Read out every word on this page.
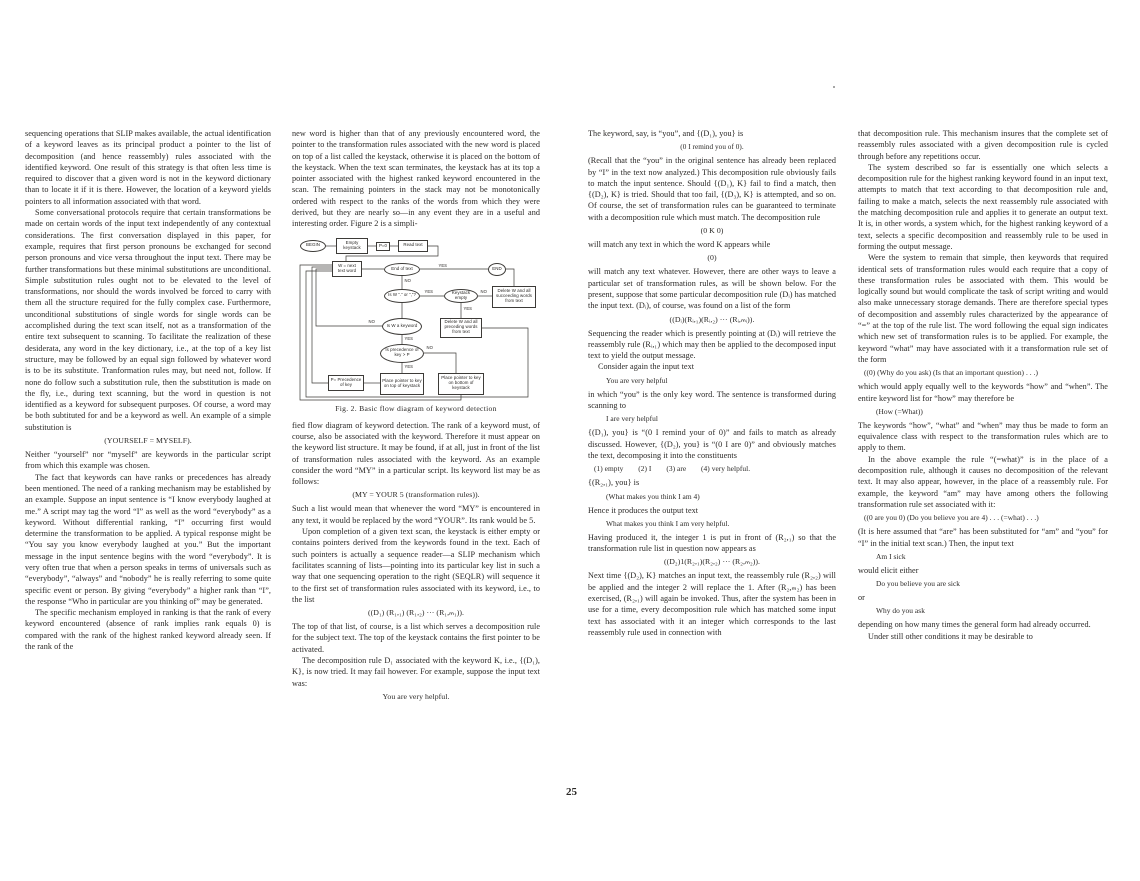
sequencing operations that SLIP makes available, the actual identification of a keyword leaves as its principal product a pointer to the list of decomposition (and hence reassembly) rules associated with the identified keyword. One result of this strategy is that often less time is required to discover that a given word is not in the keyword dictionary than to locate it if it is there. However, the location of a keyword yields pointers to all information associated with that word.

Some conversational protocols require that certain transformations be made on certain words of the input text independently of any contextual considerations. The first conversation displayed in this paper, for example, requires that first person pronouns be exchanged for second person pronouns and vice versa throughout the input text. There may be further transformations but these minimal substitutions are unconditional. Simple substitution rules ought not to be elevated to the level of transformations, nor should the words involved be forced to carry with them all the structure required for the fully complex case. Furthermore, unconditional substitutions of single words for single words can be accomplished during the text scan itself, not as a transformation of the entire text subsequent to scanning. To facilitate the realization of these desiderata, any word in the key dictionary, i.e., at the top of a key list structure, may be followed by an equal sign followed by whatever word is to be its substitute. Tranformation rules may, but need not, follow. If none do follow such a substitution rule, then the substitution is made on the fly, i.e., during text scanning, but the word in question is not identified as a keyword for subsequent purposes. Of course, a word may be both subtituted for and be a keyword as well. An example of a simple substitution is

(YOURSELF = MYSELF).

Neither “yourself” nor “myself” are keywords in the particular script from which this example was chosen.

The fact that keywords can have ranks or precedences has already been mentioned. The need of a ranking mechanism may be established by an example. Suppose an input sentence is “I know everybody laughed at me.” A script may tag the word “I” as well as the word “everybody” as a keyword. Without differential ranking, “I” occurring first would determine the transformation to be applied. A typical response might be “You say you know everybody laughed at you.” But the important message in the input sentence begins with the word “everybody”. It is very often true that when a person speaks in terms of universals such as “everybody”, “always” and “nobody” he is really referring to some quite specific event or person. By giving “everybody” a higher rank than “I”, the response “Who in particular are you thinking of” may be generated.

The specific mechanism employed in ranking is that the rank of every keyword encountered (absence of rank implies rank equals 0) is compared with the rank of the highest ranked keyword already seen. If the rank of the

new word is higher than that of any previously encountered word, the pointer to the transformation rules associated with the new word is placed on top of a list called the keystack, otherwise it is placed on the bottom of the keystack. When the text scan terminates, the keystack has at its top a pointer associated with the highest ranked keyword encountered in the scan. The remaining pointers in the stack may not be monotonically ordered with respect to the ranks of the words from which they were derived, but they are nearly so—in any event they are in a useful and interesting order. Figure 2 is a simpli-

BEGIN	Empty keystack	P=0	Read text
W = next text word	End of text	END
Is W “.” or “,”?	Keystack empty
Delete W and all succeeding words from text
Delete W and all preceding words from text
Is W a keyword
Is precedence of key > P
Place pointer to key on top of keystack
Place pointer to key on bottom of keystack
P= Precedence of key
YES
NO
YES	NO
YES
NO
YES
NO
YES

Fig. 2. Basic flow diagram of keyword detection

fied flow diagram of keyword detection. The rank of a keyword must, of course, also be associated with the keyword. Therefore it must appear on the keyword list structure. It may be found, if at all, just in front of the list of transformation rules associated with the keyword. As an example consider the word “MY” in a particular script. Its keyword list may be as follows:

(MY = YOUR 5 (transformation rules)).

Such a list would mean that whenever the word “MY” is encountered in any text, it would be replaced by the word “YOUR”. Its rank would be 5.

Upon completion of a given text scan, the keystack is either empty or contains pointers derived from the keywords found in the text. Each of such pointers is actually a sequence reader—a SLIP mechanism which facilitates scanning of lists—pointing into its particular key list in such a way that one sequencing operation to the right (SEQLR) will sequence it to the first set of transformation rules associated with its keyword, i.e., to the list

((D₁) (R₁,₁) (R₁,₂) ··· (R₁,ₘ₁)).

The top of that list, of course, is a list which serves a decomposition rule for the subject text. The top of the keystack contains the first pointer to be activated.

The decomposition rule D₁ associated with the keyword K, i.e., {(D₁), K}, is now tried. It may fail however. For example, suppose the input text was:

You are very helpful.

The keyword, say, is “you”, and {(D₁), you} is

(0 I remind you of 0).

(Recall that the “you” in the original sentence has already been replaced by “I” in the text now analyzed.) This decomposition rule obviously fails to match the input sentence. Should {(D₁), K} fail to find a match, then {(D₂), K} is tried. Should that too fail, {(D₃), K} is attempted, and so on. Of course, the set of transformation rules can be guaranteed to terminate with a decomposition rule which must match. The decomposition rule

(0 K 0)

will match any text in which the word K appears while

(0)

will match any text whatever. However, there are other ways to leave a particular set of transformation rules, as will be shown below. For the present, suppose that some particular decomposition rule (Dᵢ) has matched the input text. (Dᵢ), of course, was found on a list of the form

((Dᵢ)(Rᵢ,₁)(Rᵢ,₂) ··· (Rᵢ,ₘᵢ)).

Sequencing the reader which is presently pointing at (Dᵢ) will retrieve the reassembly rule (Rᵢ,₁) which may then be applied to the decomposed input text to yield the output message.

Consider again the input text

You are very helpful

in which “you” is the only key word. The sentence is transformed during scanning to

I are very helpful

{(D₁), you} is “(0 I remind your of 0)” and fails to match as already discussed. However, {(D₂), you} is “(0 I are 0)” and obviously matches the text, decomposing it into the constituents

(1) empty  (2) I  (3) are  (4) very helpful.

{(R₂,₁), you} is

(What makes you think I am 4)

Hence it produces the output text

What makes you think I am very helpful.

Having produced it, the integer 1 is put in front of (R₂,₁) so that the transformation rule list in question now appears as

((D₂)1(R₂,₁)(R₂,₂) ··· (R₂,ₘ₂)).

Next time {(D₂), K} matches an input text, the reassembly rule (R₂,₂) will be applied and the integer 2 will replace the 1. After (R₂,ₘ₂) has been exercised, (R₂,₁) will again be invoked. Thus, after the system has been in use for a time, every decomposition rule which has matched some input text has associated with it an integer which corresponds to the last reassembly rule used in connection with

that decomposition rule. This mechanism insures that the complete set of reassembly rules associated with a given decomposition rule is cycled through before any repetitions occur.

The system described so far is essentially one which selects a decomposition rule for the highest ranking keyword found in an input text, attempts to match that text according to that decomposition rule and, failing to make a match, selects the next reassembly rule associated with the matching decomposition rule and applies it to generate an output text. It is, in other words, a system which, for the highest ranking keyword of a text, selects a specific decomposition and reassembly rule to be used in forming the output message.

Were the system to remain that simple, then keywords that required identical sets of transformation rules would each require that a copy of these transformation rules be associated with them. This would be logically sound but would complicate the task of script writing and would also make unnecessary storage demands. There are therefore special types of decomposition and assembly rules characterized by the appearance of “=” at the top of the rule list. The word following the equal sign indicates which new set of transformation rules is to be applied. For example, the keyword “what” may have associated with it a transformation rule set of the form

((0) (Why do you ask) (Is that an important question) . . .)

which would apply equally well to the keywords “how” and “when”. The entire keyword list for “how” may therefore be

(How (=What))

The keywords “how”, “what” and “when” may thus be made to form an equivalence class with respect to the transformation rules which are to apply to them.

In the above example the rule “(=what)” is in the place of a decomposition rule, although it causes no decomposition of the relevant text. It may also appear, however, in the place of a reassembly rule. For example, the keyword “am” may have among others the following transformation rule set associated with it:

((0 are you 0) (Do you believe you are 4) . . . (=what) . . .)

(It is here assumed that “are” has been substituted for “am” and “you” for “I” in the initial text scan.) Then, the input text

Am I sick

would elicit either

Do you believe you are sick

or

Why do you ask

depending on how many times the general form had already occurred.

Under still other conditions it may be desirable to

25
